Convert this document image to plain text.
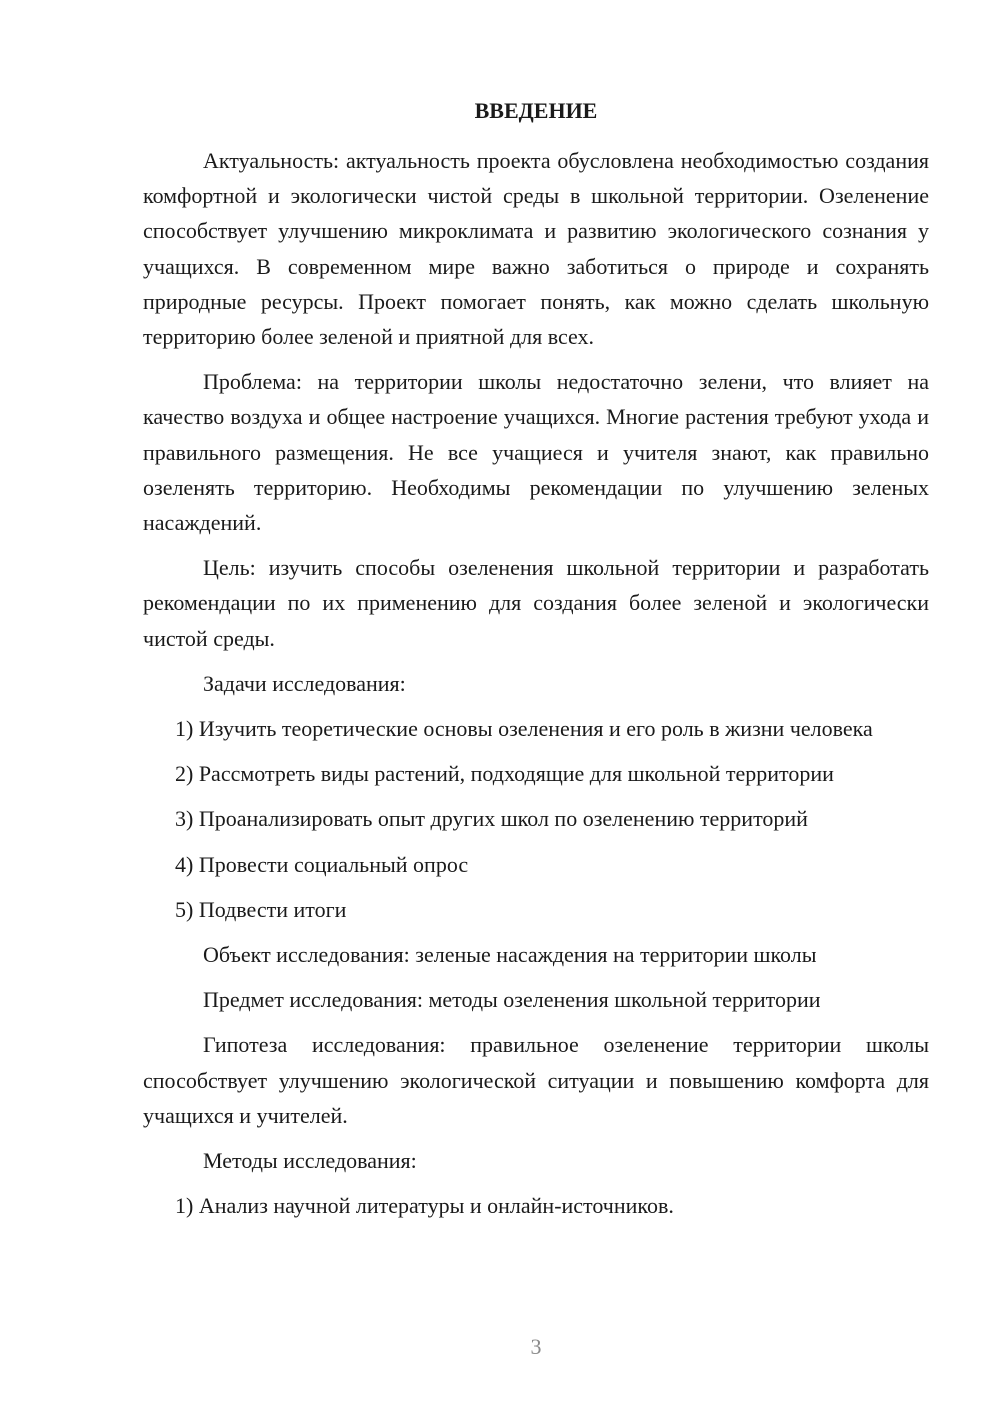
ВВЕДЕНИЕ

Актуальность: актуальность проекта обусловлена необходимостью создания комфортной и экологически чистой среды в школьной территории. Озеленение способствует улучшению микроклимата и развитию экологического сознания у учащихся. В современном мире важно заботиться о природе и сохранять природные ресурсы. Проект помогает понять, как можно сделать школьную территорию более зеленой и приятной для всех.

Проблема: на территории школы недостаточно зелени, что влияет на качество воздуха и общее настроение учащихся. Многие растения требуют ухода и правильного размещения. Не все учащиеся и учителя знают, как правильно озеленять территорию. Необходимы рекомендации по улучшению зеленых насаждений.

Цель: изучить способы озеленения школьной территории и разработать рекомендации по их применению для создания более зеленой и экологически чистой среды.

Задачи исследования:

1) Изучить теоретические основы озеленения и его роль в жизни человека

2) Рассмотреть виды растений, подходящие для школьной территории

3) Проанализировать опыт других школ по озеленению территорий

4) Провести социальный опрос

5) Подвести итоги

Объект исследования: зеленые насаждения на территории школы

Предмет исследования: методы озеленения школьной территории

Гипотеза исследования: правильное озеленение территории школы способствует улучшению экологической ситуации и повышению комфорта для учащихся и учителей.

Методы исследования:

1) Анализ научной литературы и онлайн-источников.

3
